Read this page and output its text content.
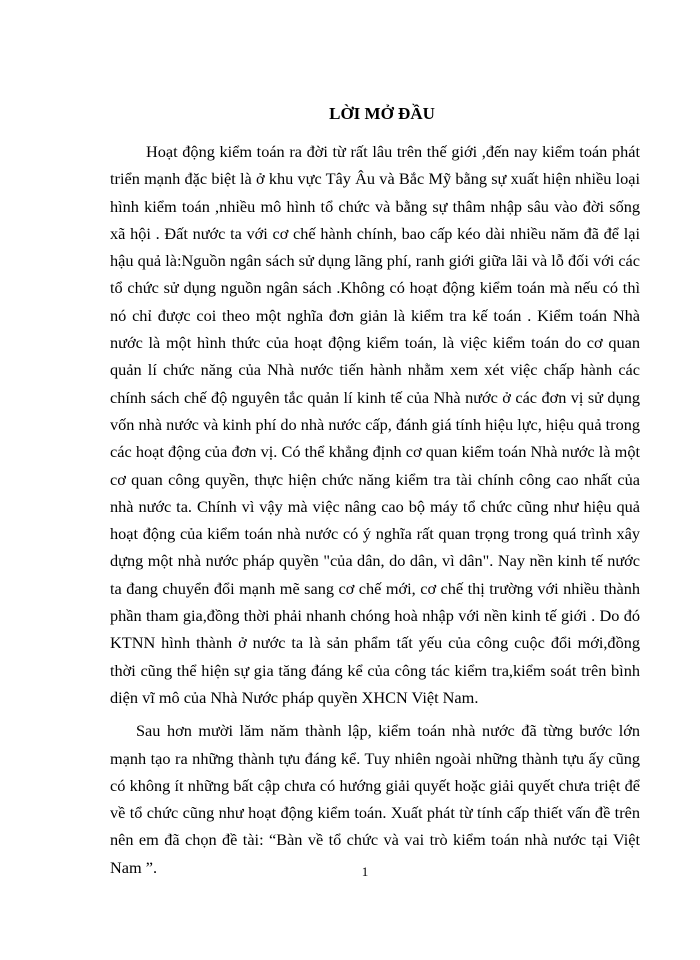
LỜI MỞ ĐẦU

Hoạt động kiểm toán ra đời từ rất lâu trên thế giới ,đến nay kiểm toán phát triển mạnh đặc biệt là ở khu vực Tây Âu và Bắc Mỹ bằng sự xuất hiện nhiều loại hình kiểm toán ,nhiều mô hình tổ chức và bằng sự thâm nhập sâu vào đời sống xã hội . Đất nước ta với cơ chế hành chính, bao cấp kéo dài nhiều năm đã để lại hậu quả là:Nguồn ngân sách sử dụng lãng phí, ranh giới giữa lãi và lỗ đối với các tổ chức sử dụng nguồn ngân sách .Không có hoạt động kiểm toán mà nếu có thì nó chỉ được coi theo một nghĩa đơn giản là kiểm tra kế toán . Kiểm toán Nhà nước là một hình thức của hoạt động kiểm toán, là việc kiểm toán do cơ quan quản lí chức năng của Nhà nước tiến hành nhằm xem xét việc chấp hành các chính sách chế độ nguyên tắc quản lí kinh tế của Nhà nước ở các đơn vị sử dụng vốn nhà nước và kinh phí do nhà nước cấp, đánh giá tính hiệu lực, hiệu quả trong các hoạt động của đơn vị. Có thể khẳng định cơ quan kiểm toán Nhà nước là một cơ quan công quyền, thực hiện chức năng kiểm tra tài chính công cao nhất của nhà nước ta. Chính vì vậy mà việc nâng cao bộ máy tổ chức cũng như hiệu quả hoạt động của kiểm toán nhà nước có ý nghĩa rất quan trọng trong quá trình xây dựng một nhà nước pháp quyền "của dân, do dân, vì dân". Nay nền kinh tế nước ta đang chuyển đổi mạnh mẽ sang cơ chế mới, cơ chế thị trường với nhiều thành phần tham gia,đồng thời phải nhanh chóng hoà nhập với nền kinh tế giới . Do đó KTNN hình thành ở nước ta là sản phẩm tất yếu của công cuộc đổi mới,đồng thời cũng thể hiện sự gia tăng đáng kể của công tác kiểm tra,kiểm soát trên bình diện vĩ mô của Nhà Nước pháp quyền XHCN Việt Nam.

Sau hơn mười lăm năm thành lập, kiểm toán nhà nước đã từng bước lớn mạnh tạo ra những thành tựu đáng kể. Tuy nhiên ngoài những thành tựu ấy cũng có không ít những bất cập chưa có hướng giải quyết hoặc giải quyết chưa triệt để về tổ chức cũng như hoạt động kiểm toán. Xuất phát từ tính cấp thiết vấn đề trên nên em đã chọn đề tài: “Bàn về tổ chức và vai trò kiểm toán nhà nước tại Việt Nam ”.	1
